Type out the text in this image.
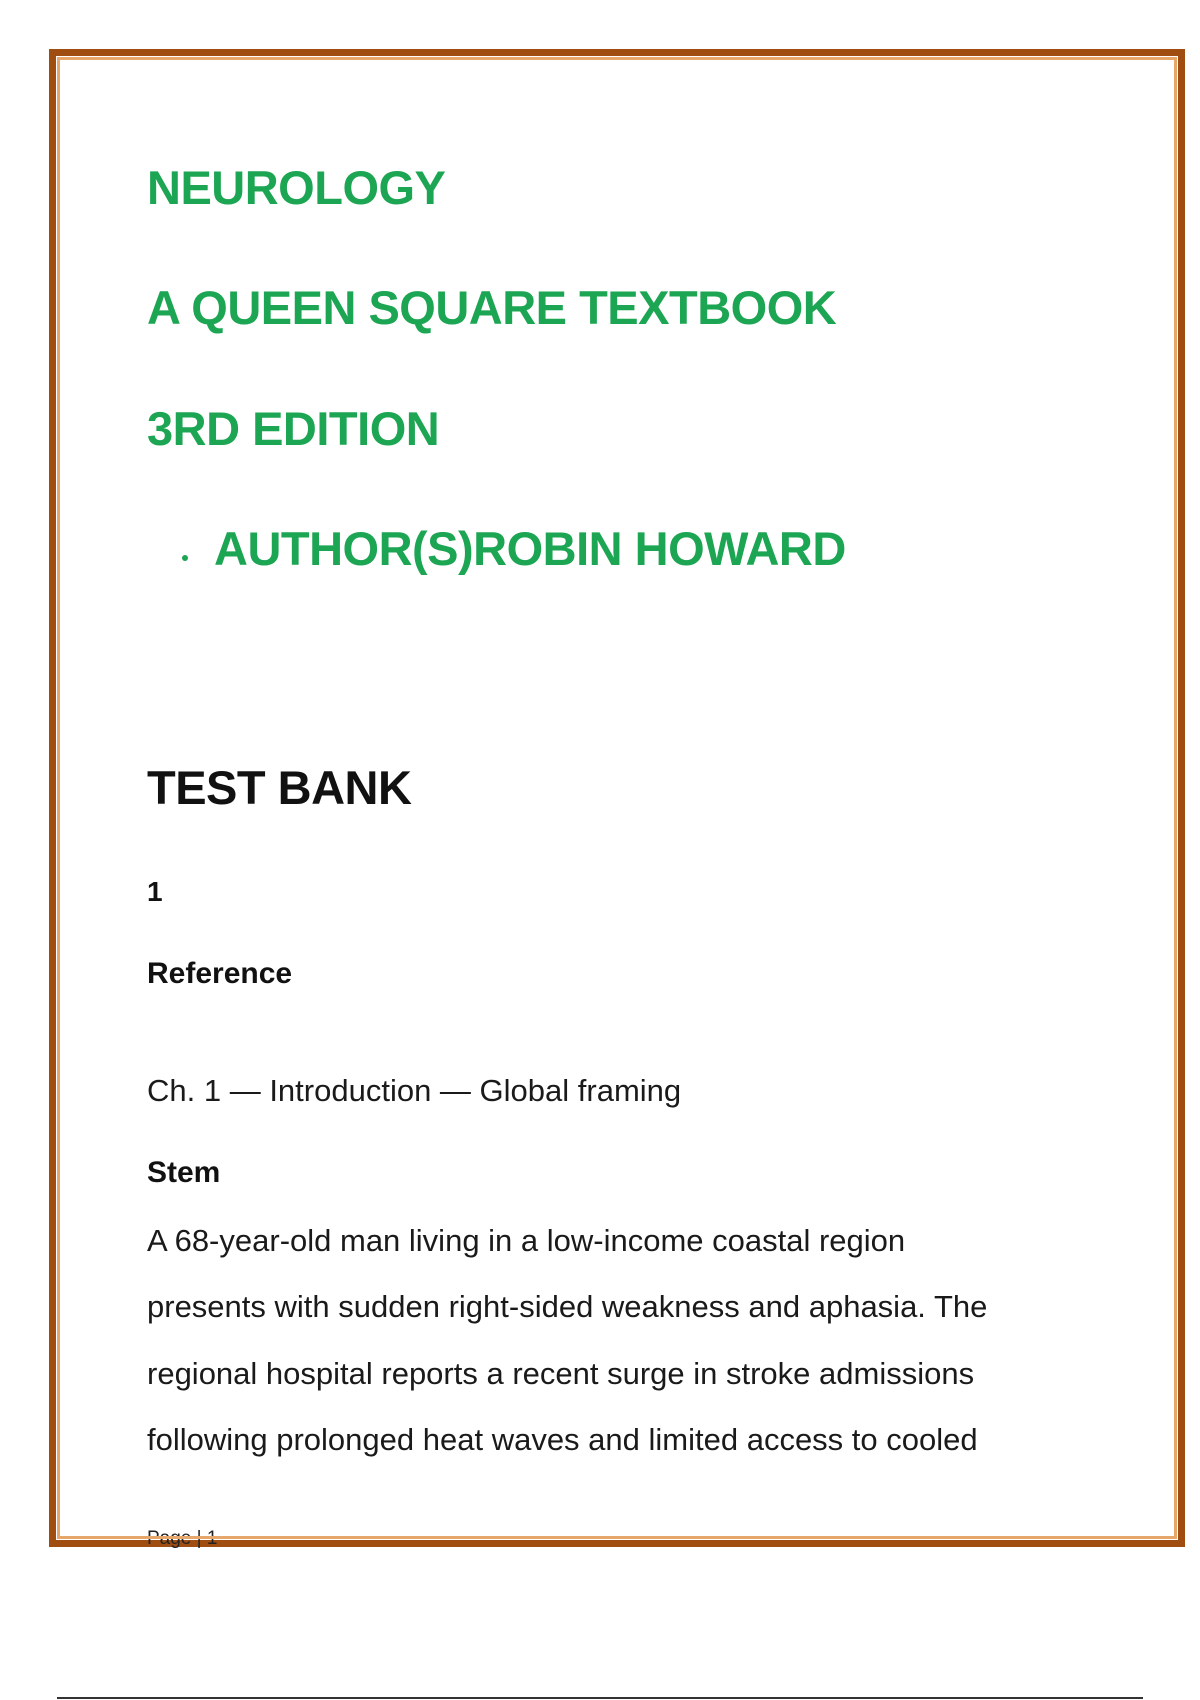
NEUROLOGY
A QUEEN SQUARE TEXTBOOK
3RD EDITION
AUTHOR(S)ROBIN HOWARD
TEST BANK
1
Reference
Ch. 1 — Introduction — Global framing
Stem
A 68-year-old man living in a low-income coastal region
presents with sudden right-sided weakness and aphasia. The
regional hospital reports a recent surge in stroke admissions
following prolonged heat waves and limited access to cooled
Page | 1
